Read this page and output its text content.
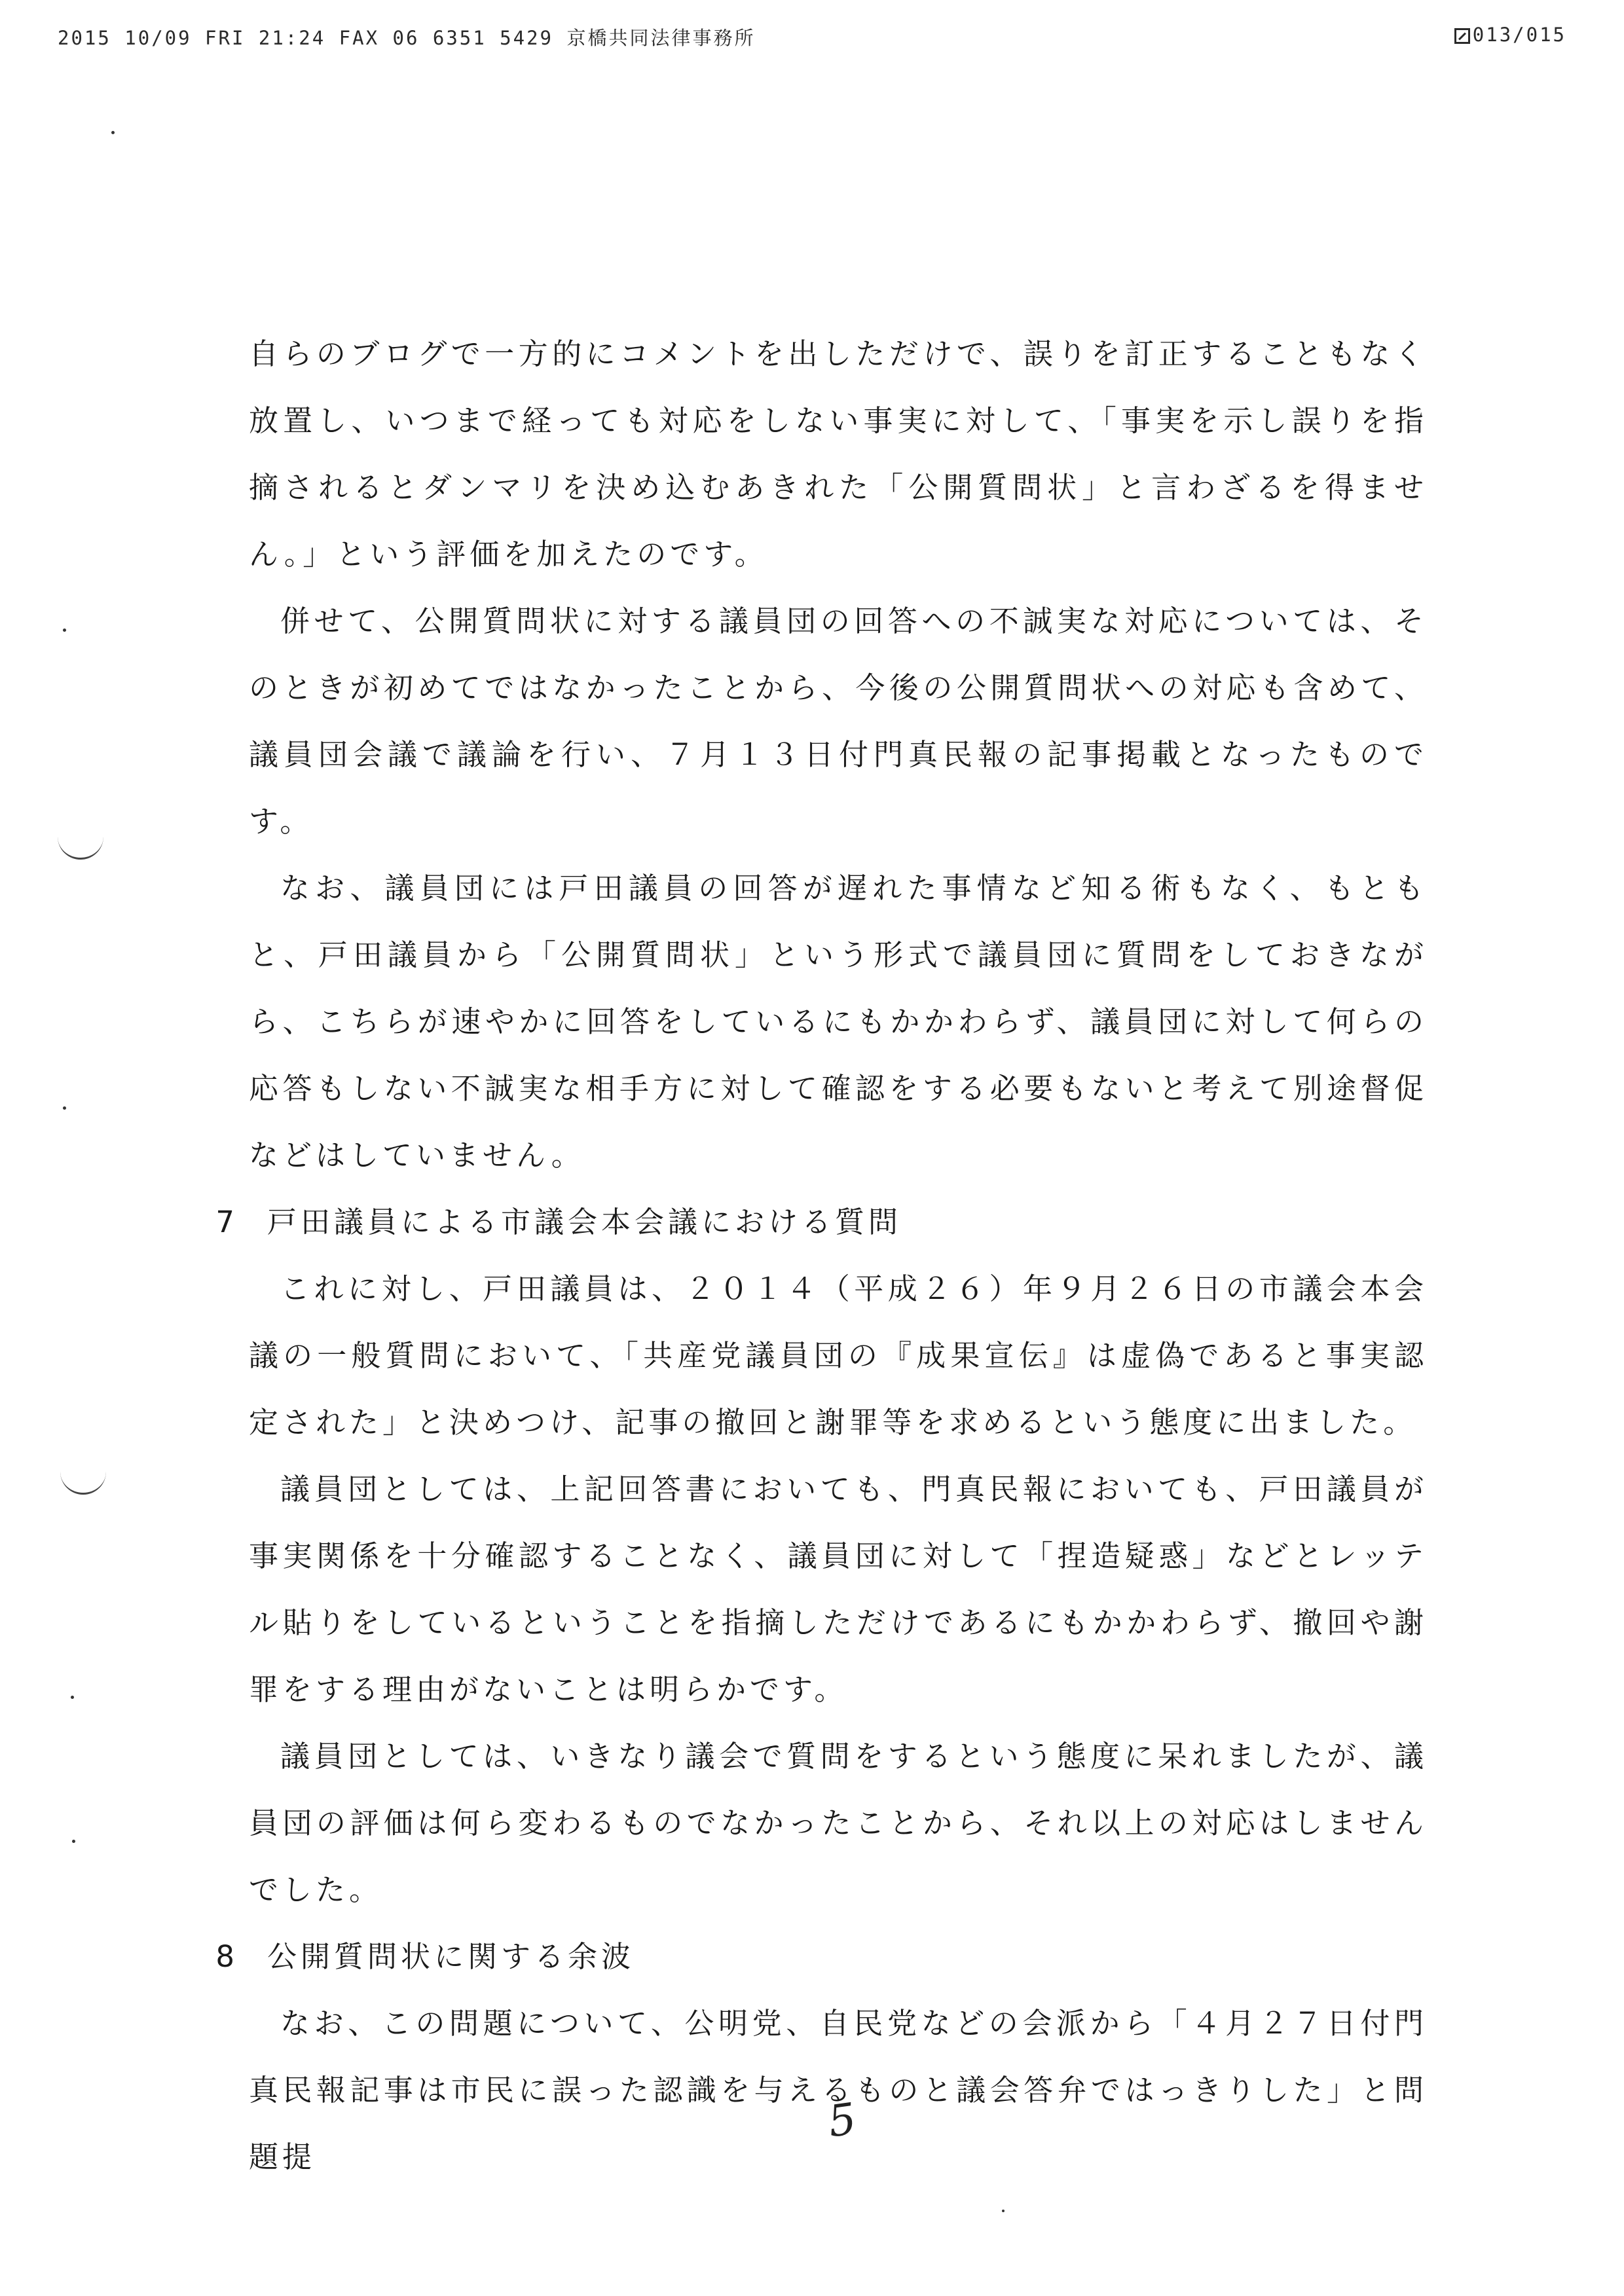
2015 10/09 FRI 21:24 FAX 06 6351 5429 京橋共同法律事務所	013/015

自らのブログで一方的にコメントを出しただけで、誤りを訂正することもなく放置し、いつまで経っても対応をしない事実に対して、「事実を示し誤りを指摘されるとダンマリを決め込むあきれた「公開質問状」と言わざるを得ません。」という評価を加えたのです。

併せて、公開質問状に対する議員団の回答への不誠実な対応については、そのときが初めてではなかったことから、今後の公開質問状への対応も含めて、議員団会議で議論を行い、７月１３日付門真民報の記事掲載となったものです。

なお、議員団には戸田議員の回答が遅れた事情など知る術もなく、もともと、戸田議員から「公開質問状」という形式で議員団に質問をしておきながら、こちらが速やかに回答をしているにもかかわらず、議員団に対して何らの応答もしない不誠実な相手方に対して確認をする必要もないと考えて別途督促などはしていません。

7 戸田議員による市議会本会議における質問

これに対し、戸田議員は、２０１４（平成２６）年９月２６日の市議会本会議の一般質問において、「共産党議員団の『成果宣伝』は虚偽であると事実認定された」と決めつけ、記事の撤回と謝罪等を求めるという態度に出ました。

議員団としては、上記回答書においても、門真民報においても、戸田議員が事実関係を十分確認することなく、議員団に対して「捏造疑惑」などとレッテル貼りをしているということを指摘しただけであるにもかかわらず、撤回や謝罪をする理由がないことは明らかです。

議員団としては、いきなり議会で質問をするという態度に呆れましたが、議員団の評価は何ら変わるものでなかったことから、それ以上の対応はしませんでした。

8 公開質問状に関する余波

なお、この問題について、公明党、自民党などの会派から「４月２７日付門真民報記事は市民に誤った認識を与えるものと議会答弁ではっきりした」と問題提

5
